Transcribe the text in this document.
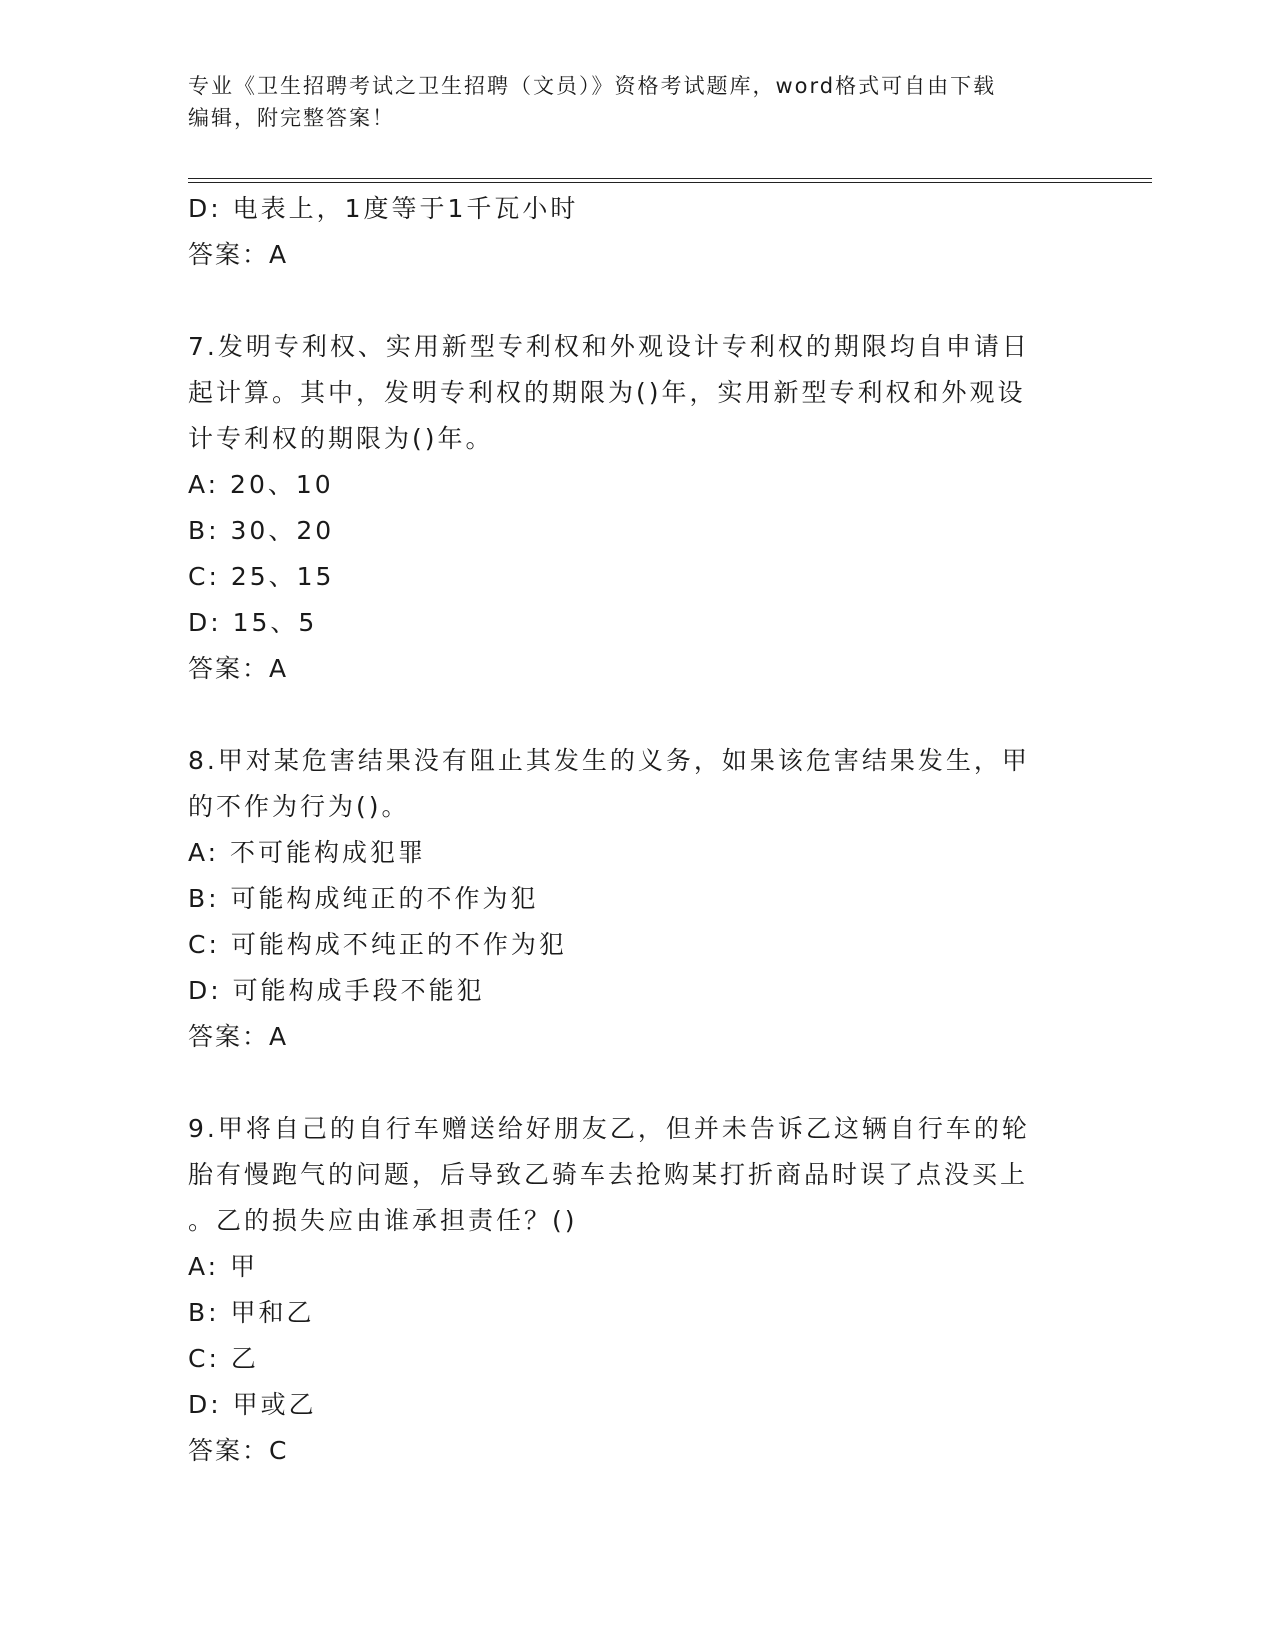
专业《卫生招聘考试之卫生招聘（文员）》资格考试题库，word格式可自由下载
编辑，附完整答案！
D: 电表上，1度等于1千瓦小时
答案：A
7.发明专利权、实用新型专利权和外观设计专利权的期限均自申请日
起计算。其中，发明专利权的期限为()年，实用新型专利权和外观设
计专利权的期限为()年。
A: 20、10
B: 30、20
C: 25、15
D: 15、5
答案：A
8.甲对某危害结果没有阻止其发生的义务，如果该危害结果发生，甲
的不作为行为()。
A: 不可能构成犯罪
B: 可能构成纯正的不作为犯
C: 可能构成不纯正的不作为犯
D: 可能构成手段不能犯
答案：A
9.甲将自己的自行车赠送给好朋友乙，但并未告诉乙这辆自行车的轮
胎有慢跑气的问题，后导致乙骑车去抢购某打折商品时误了点没买上
。乙的损失应由谁承担责任？()
A: 甲
B: 甲和乙
C: 乙
D: 甲或乙
答案：C
